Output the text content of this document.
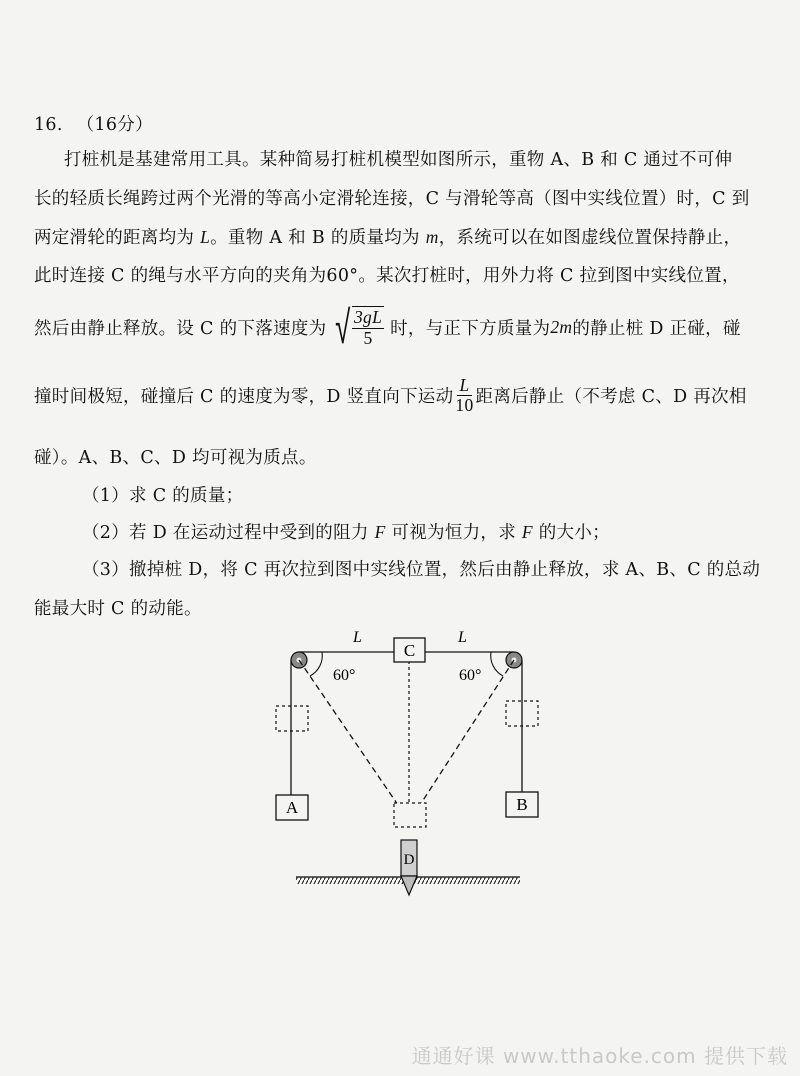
16. （16分）
打桩机是基建常用工具。某种简易打桩机模型如图所示，重物 A、B 和 C 通过不可伸
长的轻质长绳跨过两个光滑的等高小定滑轮连接，C 与滑轮等高（图中实线位置）时，C 到
两定滑轮的距离均为 L。重物 A 和 B 的质量均为 m，系统可以在如图虚线位置保持静止，
此时连接 C 的绳与水平方向的夹角为60°。某次打桩时，用外力将 C 拉到图中实线位置，
然后由静止释放。设 C 的下落速度为 √ $\frac{3gL}{5}$ 时，与正下方质量为 2m 的静止桩 D 正碰，碰
撞时间极短，碰撞后 C 的速度为零，D 竖直向下运动 $\frac{L}{10}$ 距离后静止（不考虑 C、D 再次相
碰）。A、B、C、D 均可视为质点。
（1）求 C 的质量；
（2）若 D 在运动过程中受到的阻力 F 可视为恒力，求 F 的大小；
（3）撤掉桩 D，将 C 再次拉到图中实线位置，然后由静止释放，求 A、B、C 的总动
能最大时 C 的动能。
C
L	L
60°	60°
A	B
D
通通好课 www.tthaoke.com 提供下载
